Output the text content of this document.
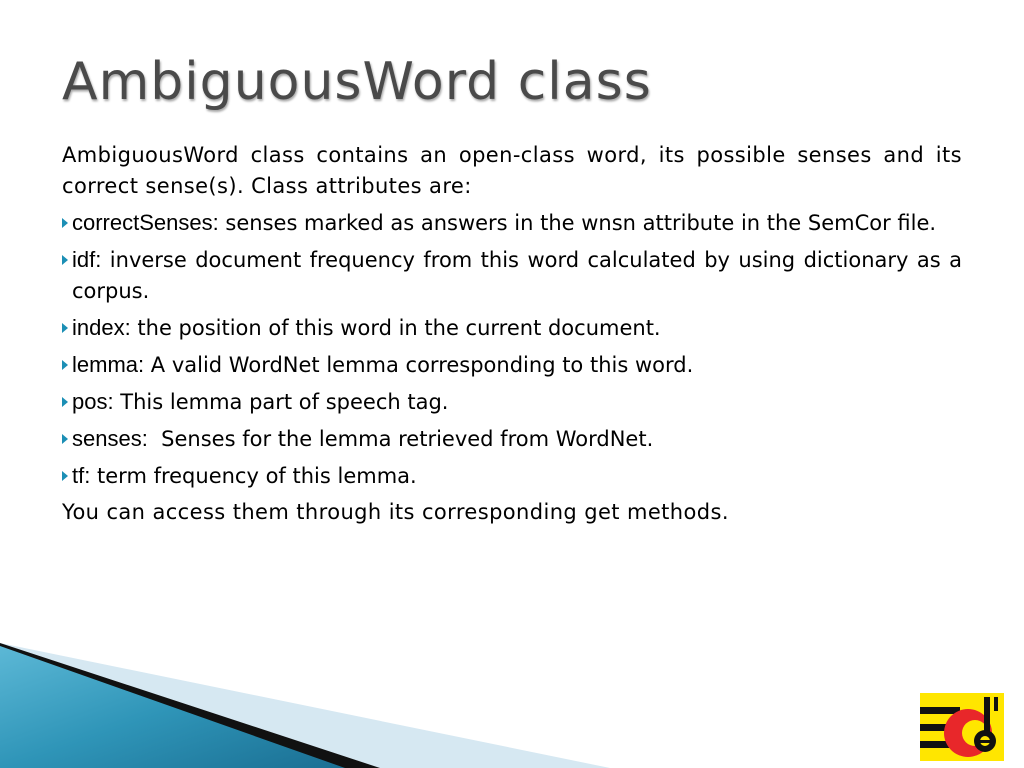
AmbiguousWord class

AmbiguousWord class contains an open-class word, its possible senses and its correct sense(s). Class attributes are:

correctSenses: senses marked as answers in the wnsn attribute in the SemCor file.
idf: inverse document frequency from this word calculated by using dictionary as a corpus.
index: the position of this word in the current document.
lemma: A valid WordNet lemma corresponding to this word.
pos: This lemma part of speech tag.
senses:  Senses for the lemma retrieved from WordNet.
tf: term frequency of this lemma.

You can access them through its corresponding get methods.
